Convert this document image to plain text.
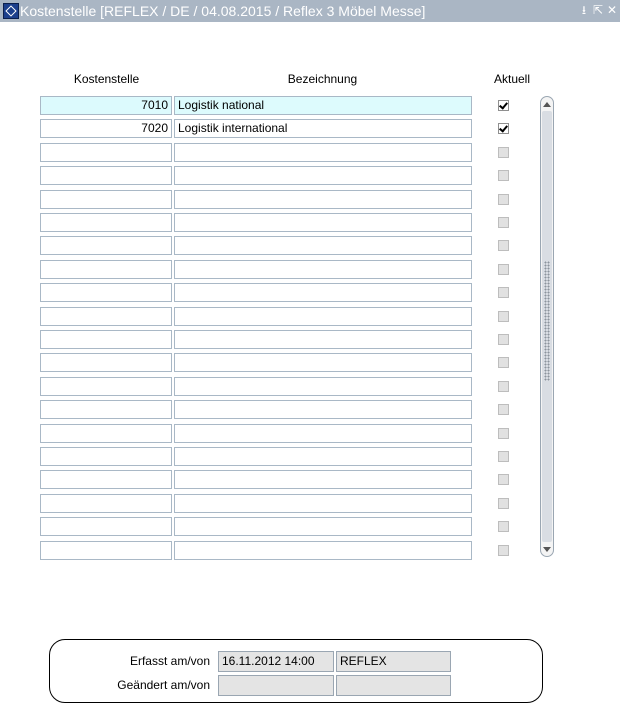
Kostenstelle [REFLEX / DE / 04.08.2015 / Reflex 3 Möbel Messe]	⭳ ⇱ ✕
Kostenstelle	Bezeichnung	Aktuell
7010 Logistik national
7020 Logistik international
Erfasst am/von	16.11.2012 14:00	REFLEX
Geändert am/von
